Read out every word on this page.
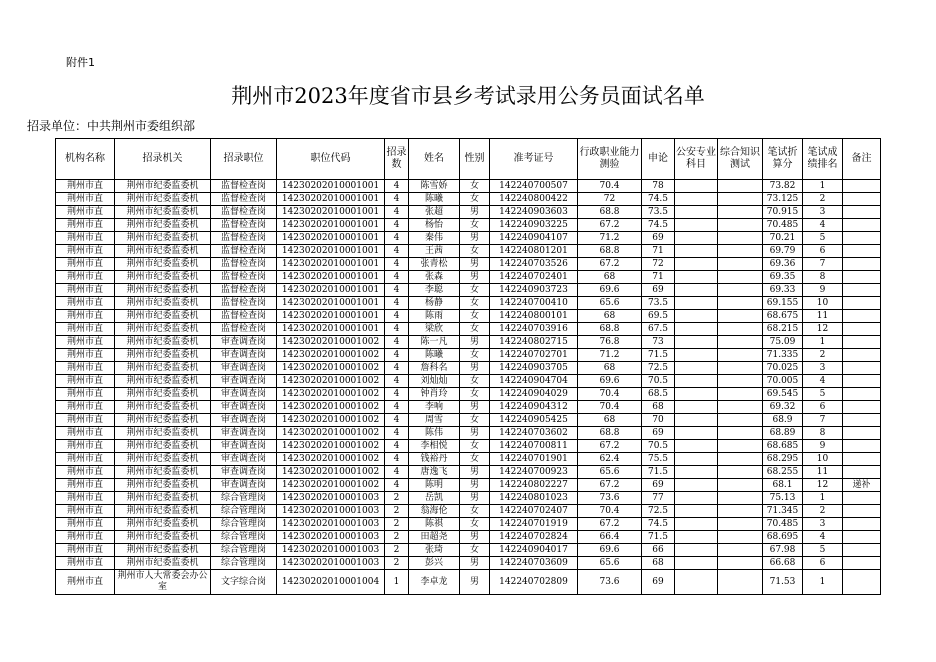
附件1
荆州市2023年度省市县乡考试录用公务员面试名单
招录单位：中共荆州市委组织部
机构名称	招录机关	招录职位	职位代码	招录数	姓名	性别	准考证号	行政职业能力测验	申论	公安专业科目	综合知识测试	笔试折算分	笔试成绩排名	备注
荆州市直	荆州市纪委监委机	监督检查岗	14230202010001001	4	陈雪娇	女	142240700507	70.4	78			73.82	1	
荆州市直	荆州市纪委监委机	监督检查岗	14230202010001001	4	陈曦	女	142240800422	72	74.5			73.125	2	
荆州市直	荆州市纪委监委机	监督检查岗	14230202010001001	4	张超	男	142240903603	68.8	73.5			70.915	3	
荆州市直	荆州市纪委监委机	监督检查岗	14230202010001001	4	杨怡	女	142240903225	67.2	74.5			70.485	4	
荆州市直	荆州市纪委监委机	监督检查岗	14230202010001001	4	秦伟	男	142240904107	71.2	69			70.21	5	
荆州市直	荆州市纪委监委机	监督检查岗	14230202010001001	4	王茜	女	142240801201	68.8	71			69.79	6	
荆州市直	荆州市纪委监委机	监督检查岗	14230202010001001	4	张青松	男	142240703526	67.2	72			69.36	7	
荆州市直	荆州市纪委监委机	监督检查岗	14230202010001001	4	张森	男	142240702401	68	71			69.35	8	
荆州市直	荆州市纪委监委机	监督检查岗	14230202010001001	4	李聪	女	142240903723	69.6	69			69.33	9	
荆州市直	荆州市纪委监委机	监督检查岗	14230202010001001	4	杨静	女	142240700410	65.6	73.5			69.155	10	
荆州市直	荆州市纪委监委机	监督检查岗	14230202010001001	4	陈雨	女	142240800101	68	69.5			68.675	11	
荆州市直	荆州市纪委监委机	监督检查岗	14230202010001001	4	梁欣	女	142240703916	68.8	67.5			68.215	12	
荆州市直	荆州市纪委监委机	审查调查岗	14230202010001002	4	陈一凡	男	142240802715	76.8	73			75.09	1	
荆州市直	荆州市纪委监委机	审查调查岗	14230202010001002	4	陈曦	女	142240702701	71.2	71.5			71.335	2	
荆州市直	荆州市纪委监委机	审查调查岗	14230202010001002	4	詹科名	男	142240903705	68	72.5			70.025	3	
荆州市直	荆州市纪委监委机	审查调查岗	14230202010001002	4	刘灿灿	女	142240904704	69.6	70.5			70.005	4	
荆州市直	荆州市纪委监委机	审查调查岗	14230202010001002	4	钟肖玲	女	142240904029	70.4	68.5			69.545	5	
荆州市直	荆州市纪委监委机	审查调查岗	14230202010001002	4	李响	男	142240904312	70.4	68			69.32	6	
荆州市直	荆州市纪委监委机	审查调查岗	14230202010001002	4	周雪	女	142240905425	68	70			68.9	7	
荆州市直	荆州市纪委监委机	审查调查岗	14230202010001002	4	陈伟	男	142240703602	68.8	69			68.89	8	
荆州市直	荆州市纪委监委机	审查调查岗	14230202010001002	4	李相悦	女	142240700811	67.2	70.5			68.685	9	
荆州市直	荆州市纪委监委机	审查调查岗	14230202010001002	4	钱裕丹	女	142240701901	62.4	75.5			68.295	10	
荆州市直	荆州市纪委监委机	审查调查岗	14230202010001002	4	唐逸飞	男	142240700923	65.6	71.5			68.255	11	
荆州市直	荆州市纪委监委机	审查调查岗	14230202010001002	4	陈明	男	142240802227	67.2	69			68.1	12	递补
荆州市直	荆州市纪委监委机	综合管理岗	14230202010001003	2	岳凯	男	142240801023	73.6	77			75.13	1	
荆州市直	荆州市纪委监委机	综合管理岗	14230202010001003	2	翁海伦	女	142240702407	70.4	72.5			71.345	2	
荆州市直	荆州市纪委监委机	综合管理岗	14230202010001003	2	陈祺	女	142240701919	67.2	74.5			70.485	3	
荆州市直	荆州市纪委监委机	综合管理岗	14230202010001003	2	田超尧	男	142240702824	66.4	71.5			68.695	4	
荆州市直	荆州市纪委监委机	综合管理岗	14230202010001003	2	张琦	女	142240904017	69.6	66			67.98	5	
荆州市直	荆州市纪委监委机	综合管理岗	14230202010001003	2	彭兴	男	142240703609	65.6	68			66.68	6	
荆州市直	荆州市人大常委会办公室	文字综合岗	14230202010001004	1	李卓龙	男	142240702809	73.6	69			71.53	1	
